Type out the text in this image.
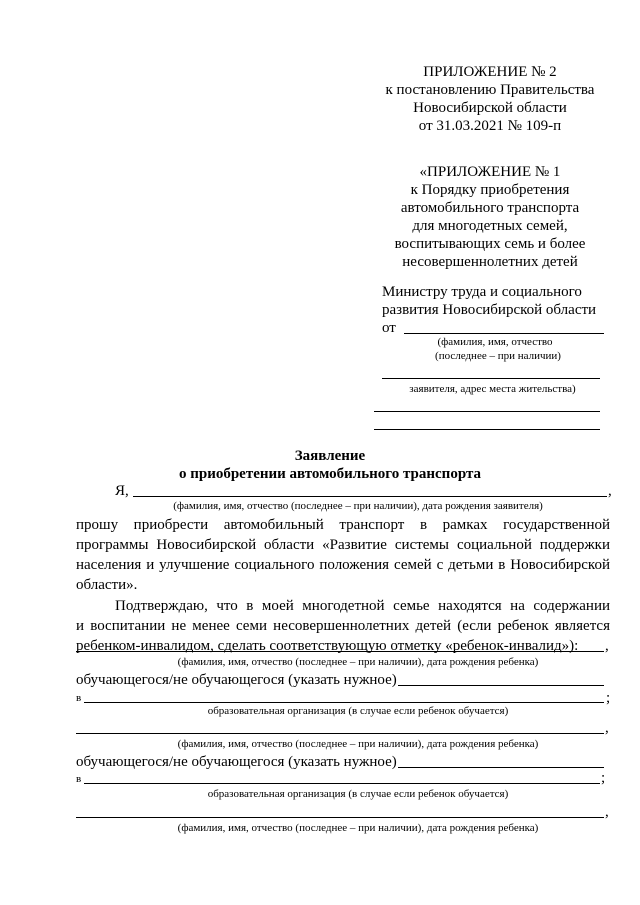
ПРИЛОЖЕНИЕ № 2
к постановлению Правительства
Новосибирской области
от 31.03.2021 № 109-п
«ПРИЛОЖЕНИЕ № 1
к Порядку приобретения
автомобильного транспорта
для многодетных семей,
воспитывающих семь и более
несовершеннолетних детей
Министру труда и социального
развития Новосибирской области
от
(фамилия, имя, отчество
(последнее – при наличии)
заявителя, адрес места жительства)
Заявление
о приобретении автомобильного транспорта
Я,	,
(фамилия, имя, отчество (последнее – при наличии), дата рождения заявителя)
прошу приобрести автомобильный транспорт в рамках государственной
программы Новосибирской области «Развитие системы социальной поддержки
населения и улучшение социального положения семей с детьми в Новосибирской
области».
Подтверждаю, что в моей многодетной семье находятся на содержании
и воспитании не менее семи несовершеннолетних детей (если ребенок является
ребенком-инвалидом, сделать соответствующую отметку «ребенок-инвалид»): ,
(фамилия, имя, отчество (последнее – при наличии), дата рождения ребенка)
обучающегося/не обучающегося (указать нужное)
в	;
образовательная организация (в случае если ребенок обучается)
,
(фамилия, имя, отчество (последнее – при наличии), дата рождения ребенка)
обучающегося/не обучающегося (указать нужное)
в	;
образовательная организация (в случае если ребенок обучается)
,
(фамилия, имя, отчество (последнее – при наличии), дата рождения ребенка)
